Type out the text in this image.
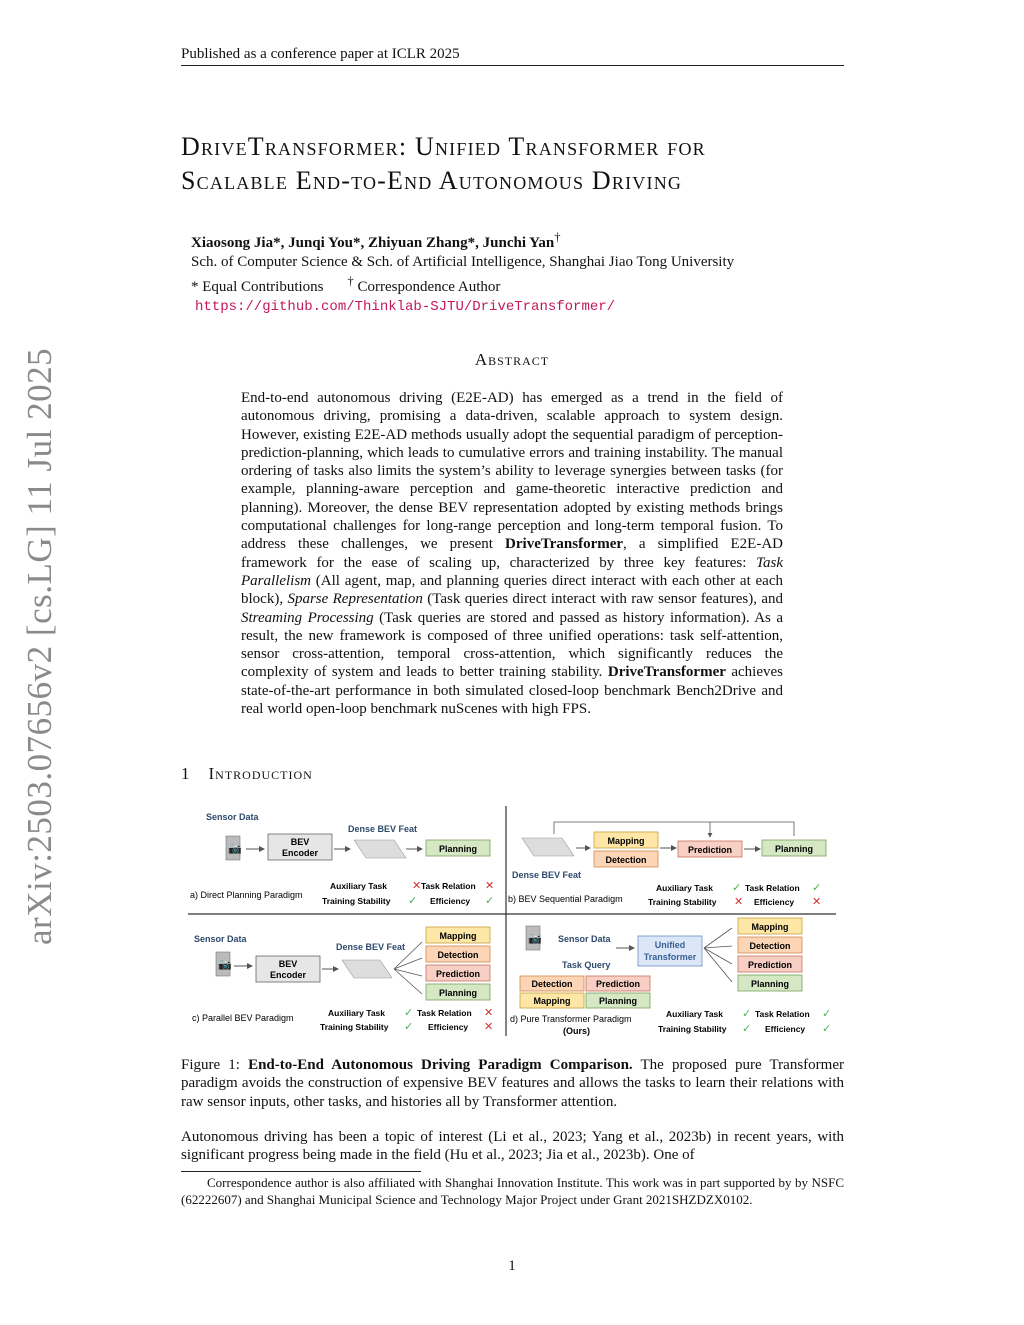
Published as a conference paper at ICLR 2025
DriveTransformer: Unified Transformer for
Scalable End-to-End Autonomous Driving
Xiaosong Jia*, Junqi You*, Zhiyuan Zhang*, Junchi Yan†
Sch. of Computer Science & Sch. of Artificial Intelligence, Shanghai Jiao Tong University
* Equal Contributions † Correspondence Author
https://github.com/Thinklab-SJTU/DriveTransformer/
Abstract
End-to-end autonomous driving (E2E-AD) has emerged as a trend in the field of autonomous driving, promising a data-driven, scalable approach to system design. However, existing E2E-AD methods usually adopt the sequential paradigm of perception-prediction-planning, which leads to cumulative errors and training instability. The manual ordering of tasks also limits the system’s ability to leverage synergies between tasks (for example, planning-aware perception and game-theoretic interactive prediction and planning). Moreover, the dense BEV representation adopted by existing methods brings computational challenges for long-range perception and long-term temporal fusion. To address these challenges, we present DriveTransformer, a simplified E2E-AD framework for the ease of scaling up, characterized by three key features: Task Parallelism (All agent, map, and planning queries direct interact with each other at each block), Sparse Representation (Task queries direct interact with raw sensor features), and Streaming Processing (Task queries are stored and passed as history information). As a result, the new framework is composed of three unified operations: task self-attention, sensor cross-attention, temporal cross-attention, which significantly reduces the complexity of system and leads to better training stability. DriveTransformer achieves state-of-the-art performance in both simulated closed-loop benchmark Bench2Drive and real world open-loop benchmark nuScenes with high FPS.
1 Introduction
arXiv:2503.07656v2 [cs.LG] 11 Jul 2025	Sensor Data
📷
BEV
Encoder
Dense BEV Feat
Planning
a) Direct Planning Paradigm
Auxiliary Task ✕ Task Relation ✕
Training Stability ✓ Efficiency ✓
Dense BEV Feat
Mapping
Detection
Prediction	Planning
b) BEV Sequential Paradigm
Auxiliary Task ✓ Task Relation ✓
Training Stability ✕ Efficiency ✕
Sensor Data
📷	BEV
Encoder
Dense BEV Feat
Mapping
Detection
Prediction
Planning
c) Parallel BEV Paradigm	Auxiliary Task ✓ Task Relation ✕
Training Stability ✓ Efficiency ✕
📷 Sensor Data
Task Query
Unified
Transformer
Detection	Prediction
Mapping	Planning
Mapping
Detection
Prediction
Planning
d) Pure Transformer Paradigm
(Ours)
Auxiliary Task ✓ Task Relation ✓
Training Stability ✓ Efficiency ✓
Figure 1: End-to-End Autonomous Driving Paradigm Comparison. The proposed pure Transformer paradigm avoids the construction of expensive BEV features and allows the tasks to learn their relations with raw sensor inputs, other tasks, and histories all by Transformer attention.
Autonomous driving has been a topic of interest (Li et al., 2023; Yang et al., 2023b) in recent years, with significant progress being made in the field (Hu et al., 2023; Jia et al., 2023b). One of
Correspondence author is also affiliated with Shanghai Innovation Institute. This work was in part supported by by NSFC (62222607) and Shanghai Municipal Science and Technology Major Project under Grant 2021SHZDZX0102.
1
